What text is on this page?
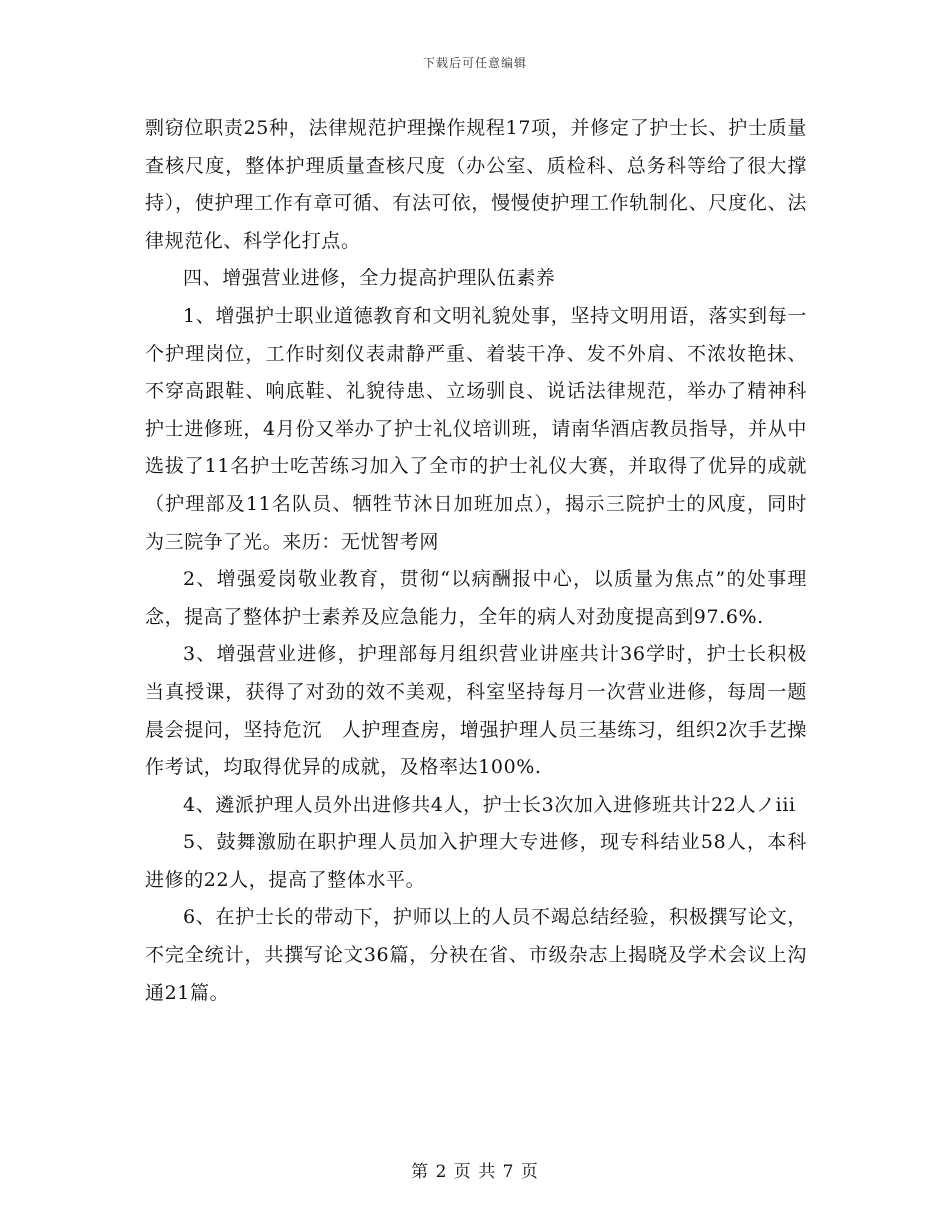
下载后可任意编辑

剽窃位职责25种，法律规范护理操作规程17项，并修定了护士长、护士质量查核尺度，整体护理质量查核尺度（办公室、质检科、总务科等给了很大撑持），使护理工作有章可循、有法可依，慢慢使护理工作轨制化、尺度化、法律规范化、科学化打点。

四、增强营业进修，全力提高护理队伍素养

1、增强护士职业道德教育和文明礼貌处事，坚持文明用语，落实到每一个护理岗位，工作时刻仪表肃静严重、着装干净、发不外肩、不浓妆艳抹、不穿高跟鞋、响底鞋、礼貌待患、立场驯良、说话法律规范，举办了精神科护士进修班，4月份又举办了护士礼仪培训班，请南华酒店教员指导，并从中选拔了11名护士吃苦练习加入了全市的护士礼仪大赛，并取得了优异的成就（护理部及11名队员、牺牲节沐日加班加点），揭示三院护士的风度，同时为三院争了光。来历：无忧智考网

2、增强爱岗敬业教育，贯彻“以病酬报中心，以质量为焦点”的处事理念，提高了整体护士素养及应急能力，全年的病人对劲度提高到97.6%.

3、增强营业进修，护理部每月组织营业讲座共计36学时，护士长积极当真授课，获得了对劲的效不美观，科室坚持每月一次营业进修，每周一题晨会提问，坚持危沉　人护理查房，增强护理人员三基练习，组织2次手艺操作考试，均取得优异的成就，及格率达100%.

4、遴派护理人员外出进修共4人，护士长3次加入进修班共计22人ノiii

5、鼓舞激励在职护理人员加入护理大专进修，现专科结业58人，本科进修的22人，提高了整体水平。

6、在护士长的带动下，护师以上的人员不竭总结经验，积极撰写论文，不完全统计，共撰写论文36篇，分袂在省、市级杂志上揭晓及学术会议上沟通21篇。

第 2 页 共 7 页
